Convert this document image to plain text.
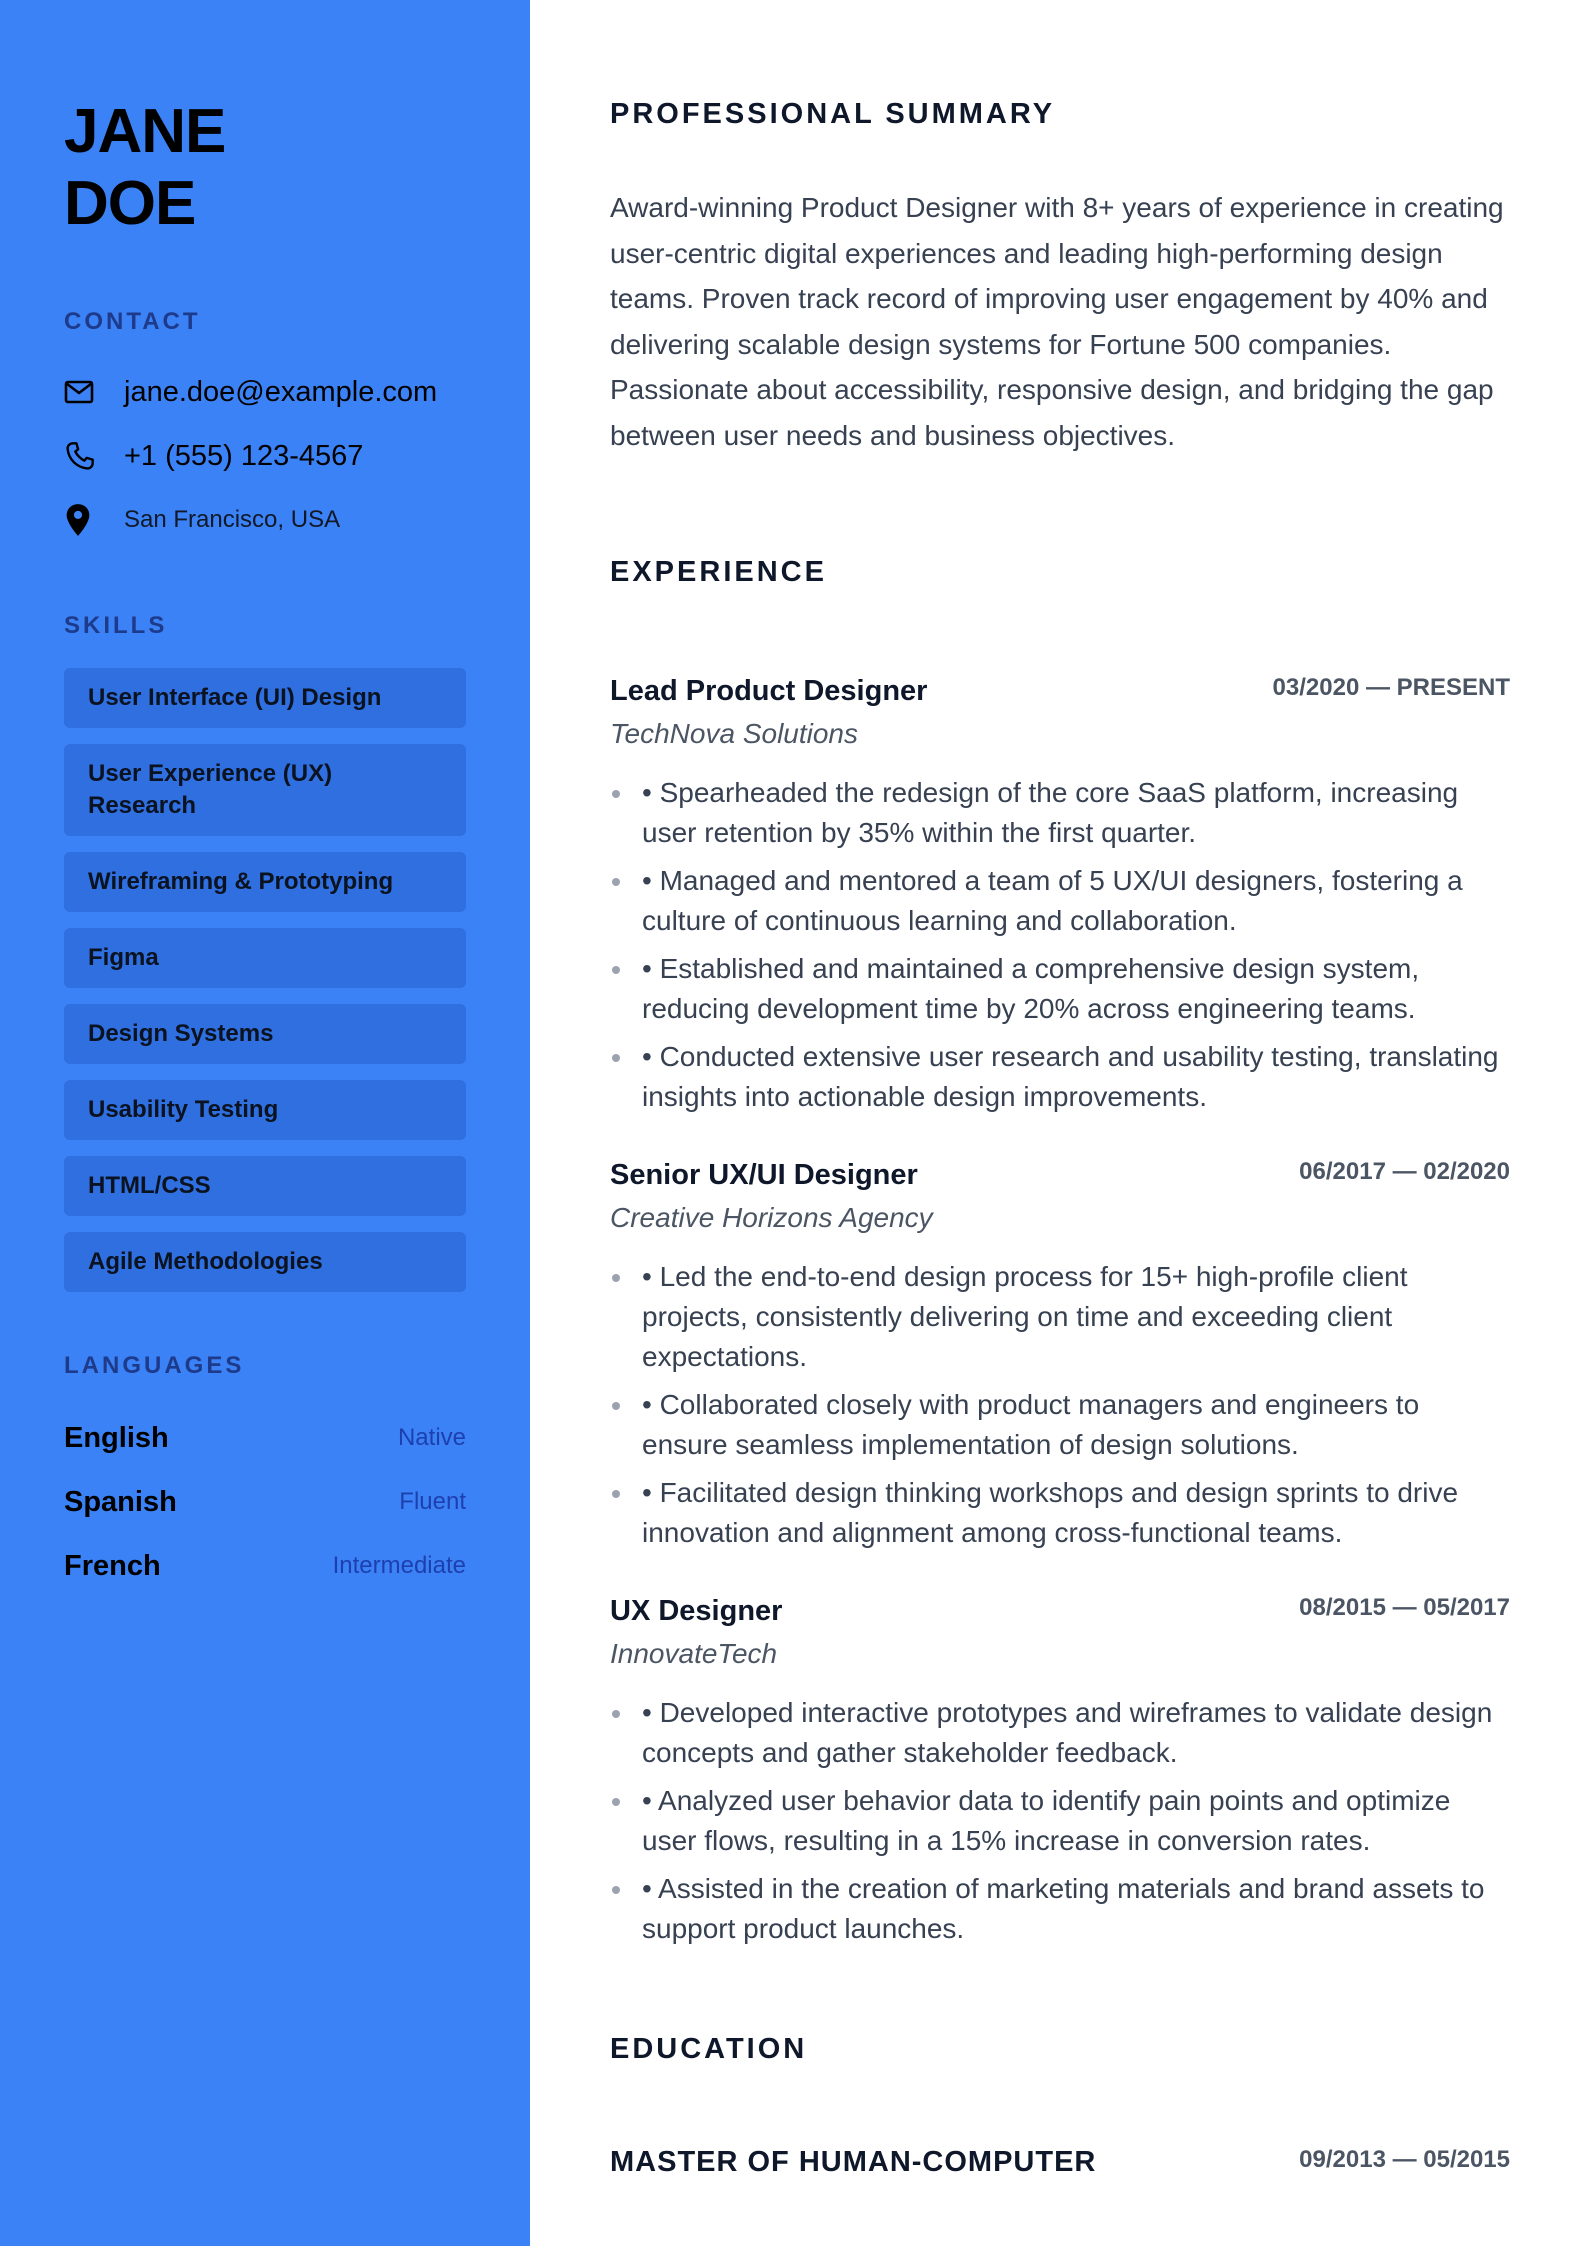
JANE
DOE
CONTACT
jane.doe@example.com
+1 (555) 123-4567
San Francisco, USA
SKILLS
User Interface (UI) Design
User Experience (UX) Research
Wireframing & Prototyping
Figma
Design Systems
Usability Testing
HTML/CSS
Agile Methodologies
LANGUAGES
English	Native
Spanish	Fluent
French	Intermediate
PROFESSIONAL SUMMARY

Award-winning Product Designer with 8+ years of experience in creating user-centric digital experiences and leading high-performing design teams. Proven track record of improving user engagement by 40% and delivering scalable design systems for Fortune 500 companies. Passionate about accessibility, responsive design, and bridging the gap between user needs and business objectives.

EXPERIENCE
Lead Product Designer	03/2020 — PRESENT
TechNova Solutions
• Spearheaded the redesign of the core SaaS platform, increasing user retention by 35% within the first quarter.
• Managed and mentored a team of 5 UX/UI designers, fostering a culture of continuous learning and collaboration.
• Established and maintained a comprehensive design system, reducing development time by 20% across engineering teams.
• Conducted extensive user research and usability testing, translating insights into actionable design improvements.
Senior UX/UI Designer	06/2017 — 02/2020
Creative Horizons Agency
• Led the end-to-end design process for 15+ high-profile client projects, consistently delivering on time and exceeding client expectations.
• Collaborated closely with product managers and engineers to ensure seamless implementation of design solutions.
• Facilitated design thinking workshops and design sprints to drive innovation and alignment among cross-functional teams.
UX Designer	08/2015 — 05/2017
InnovateTech
• Developed interactive prototypes and wireframes to validate design concepts and gather stakeholder feedback.
• Analyzed user behavior data to identify pain points and optimize user flows, resulting in a 15% increase in conversion rates.
• Assisted in the creation of marketing materials and brand assets to support product launches.
EDUCATION
MASTER OF HUMAN-COMPUTER	09/2013 — 05/2015
